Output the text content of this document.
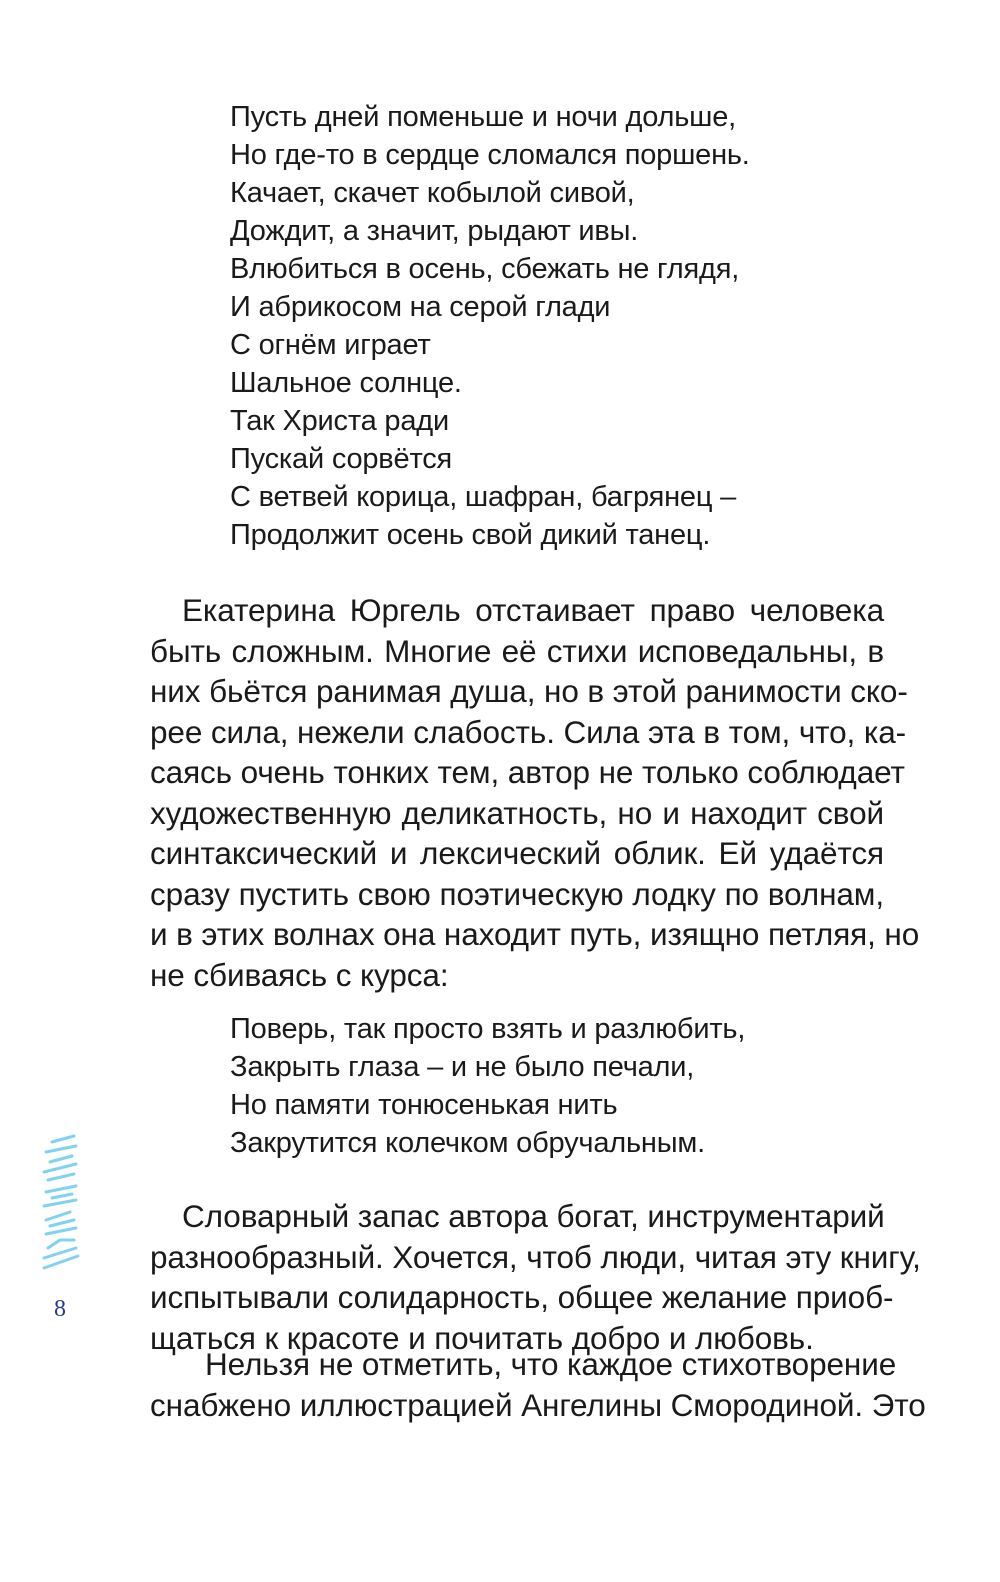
Пусть дней поменьше и ночи дольше,
Но где-то в сердце сломался поршень.
Качает, скачет кобылой сивой,
Дождит, а значит, рыдают ивы.
Влюбиться в осень, сбежать не глядя,
И абрикосом на серой глади
С огнём играет
Шальное солнце.
Так Христа ради
Пускай сорвётся
С ветвей корица, шафран, багрянец –
Продолжит осень свой дикий танец.
Екатерина Юргель отстаивает право человека
быть сложным. Многие её стихи исповедальны, в
них бьётся ранимая душа, но в этой ранимости ско-
рее сила, нежели слабость. Сила эта в том, что, ка-
саясь очень тонких тем, автор не только соблюдает
художественную деликатность, но и находит свой
синтаксический и лексический облик. Ей удаётся
сразу пустить свою поэтическую лодку по волнам,
и в этих волнах она находит путь, изящно петляя, но
не сбиваясь с курса:
Поверь, так просто взять и разлюбить,
Закрыть глаза – и не было печали,
Но памяти тонюсенькая нить
Закрутится колечком обручальным.
Словарный запас автора богат, инструментарий
разнообразный. Хочется, чтоб люди, читая эту книгу,
испытывали солидарность, общее желание приоб-
щаться к красоте и почитать добро и любовь.
Нельзя не отметить, что каждое стихотворение
снабжено иллюстрацией Ангелины Смородиной. Это
8
